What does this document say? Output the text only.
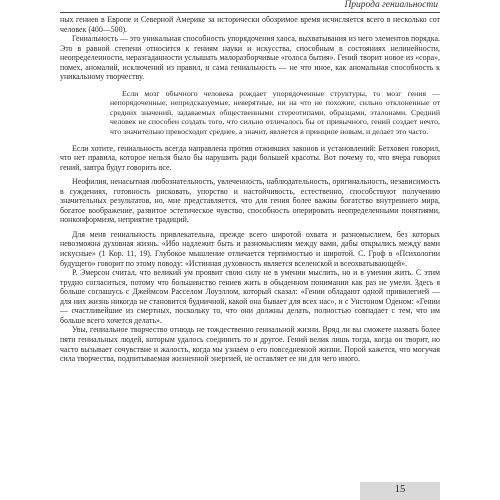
Природа гениальности

ных гениев в Европе и Северной Америке за исторически обозримое время исчисляется всего в несколько сот человек (400—500).

Гениальность — это уникальная способность упорядочения хаоса, выхватывания из него элементов порядка. Это в равной степени относится к гениям науки и искусства, способным в состояниях нелинейности, неопределенности, неразгаданности услышать малоразборчивые «голоса бытия». Гений творит новое из «сора», помех, аномалий, исключений из правил, и сама гениальность — не что иное, как аномальная способность к уникальному творчеству.

Если мозг обычного человека рождает упорядоченные структуры, то мозг гения — непорядоченные, непредсказуемые, неверятные, ни на что не похожие, сильно отклоненные от средних значений, задаваемых общественными стереотипами, образцами, эталонами. Средний человек не способен создать того, что сильно отличалось бы от привычного, гений создает нечто, что значительно превосходит среднее, а значит, является в принципе новым, и делает это часто.

Если хотите, гениальность всегда направлена против отживших законов и установлений: Бетховен говорил, что нет правила, которое нельзя было бы нарушить ради большей красоты. Вот почему то, что вчера говорил гений, завтра будут говорить все.

Неофилия, ненасытная любознательность, увлеченность, наблюдательность, оригинальность, независимость в суждениях, готовность рисковать, упорство и настойчивость, естественно, способствуют получению значительных результатов, но, мне представляется, что для гения более важны богатство внутреннего мира, богатое воображение, развитое эстетическое чувство, способность оперировать неопределенными понятиями, нонконформизм, неприятие традиций.

Для меня гениальность привлекательна, прежде всего широтой охвата и разномыслием, без которых невозможна духовная жизнь. «Ибо надлежит быть и разномыслиям между вами, дабы открылись между вами искусные» (1 Кор. 11, 19). Глубокое мышление отличается терпимостью и широтой. С. Гроф в «Психологии будущего» говорит по этому поводу: «Истинная духовность является вселенской и всеохватывающей».

Р. Эмерсон считал, что великий ум проявит свою силу не в умении мыслить, но и в умении жить. С этим трудно согласиться, потому что большинство гениев жить в обыденном понимании как раз не умели. Здесь я больше соглашусь с Джеймсом Расселом Лоуэллом, который сказал: «Гении обладают одной привилегией — для них жизнь никогда не становится будничной, какой она бывает для всех нас», и с Унстоном Оденом: «Гении — счастливейшие из смертных, поскольку то, что они должны делать, полностью совпадает с тем, что им больше всего хочется делать».

Увы, гениальное творчество отнюдь не тождественно гениальной жизни. Вряд ли вы сможете назвать более пяти гениальных людей, которым удалось соединить то и другое. Гений велик лишь тогда, когда он творит, но часто вызывает сочувствие и жалость, когда мы узнаем о его повседневной жизни. Порой кажется, что могучая сила творчества, подпитываемая жизненной энергией, не оставляет ее ни для чего иного.

15
